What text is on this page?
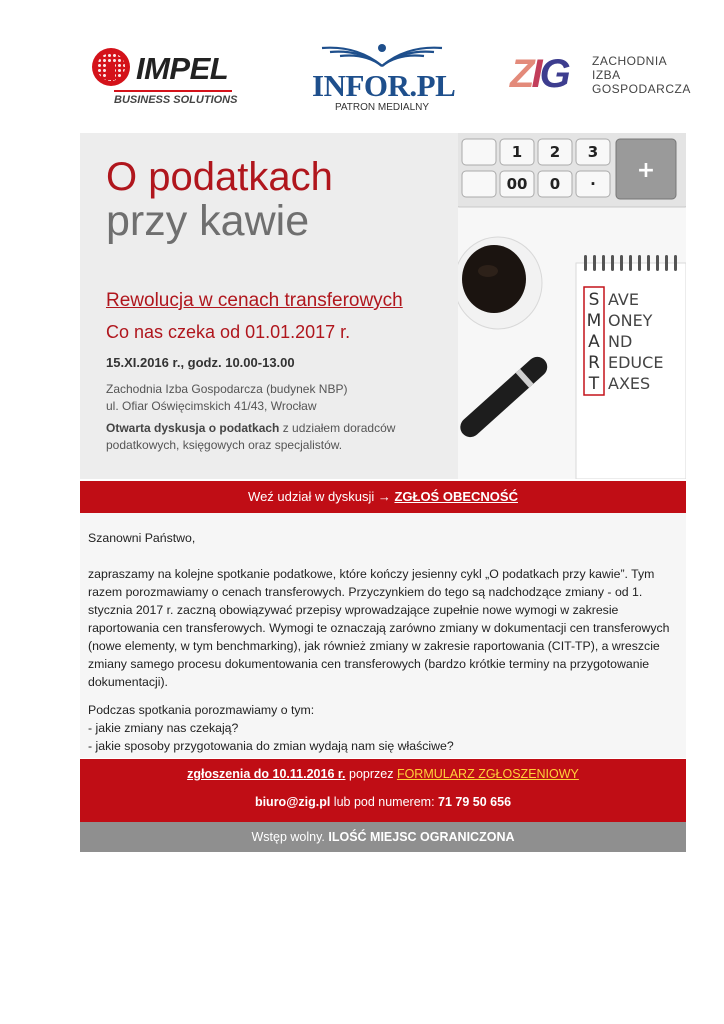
IMPEL
BUSINESS SOLUTIONS INFOR.PL
PATRON MEDIALNY
ZIG ZACHODNIA
IZBA
GOSPODARCZA
O podatkach
przy kawie
Rewolucja w cenach transferowych
Co nas czeka od 01.01.2017 r.
15.XI.2016 r., godz. 10.00-13.00
Zachodnia Izba Gospodarcza (budynek NBP)
ul. Ofiar Oświęcimskich 41/43, Wrocław
Otwarta dyskusja o podatkach z udziałem doradców podatkowych, księgowych oraz specjalistów.
1 2 3
+
00 0 ·
S
M
A
R
T
AVE
ONEY
ND
EDUCE
AXES
Weź udział w dyskusji → ZGŁOŚ OBECNOŚĆ

Szanowni Państwo,

zapraszamy na kolejne spotkanie podatkowe, które kończy jesienny cykl „O podatkach przy kawie”. Tym razem porozmawiamy o cenach transferowych. Przyczynkiem do tego są nadchodzące zmiany - od 1. stycznia 2017 r. zaczną obowiązywać przepisy wprowadzające zupełnie nowe wymogi w zakresie raportowania cen transferowych. Wymogi te oznaczają zarówno zmiany w dokumentacji cen transferowych (nowe elementy, w tym benchmarking), jak również zmiany w zakresie raportowania (CIT-TP), a wreszcie zmiany samego procesu dokumentowania cen transferowych (bardzo krótkie terminy na przygotowanie dokumentacji).

Podczas spotkania porozmawiamy o tym:
- jakie zmiany nas czekają?
- jakie sposoby przygotowania do zmian wydają nam się właściwe?
zgłoszenia do 10.11.2016 r. poprzez FORMULARZ ZGŁOSZENIOWY
biuro@zig.pl lub pod numerem: 71 79 50 656
Wstęp wolny. ILOŚĆ MIEJSC OGRANICZONA
